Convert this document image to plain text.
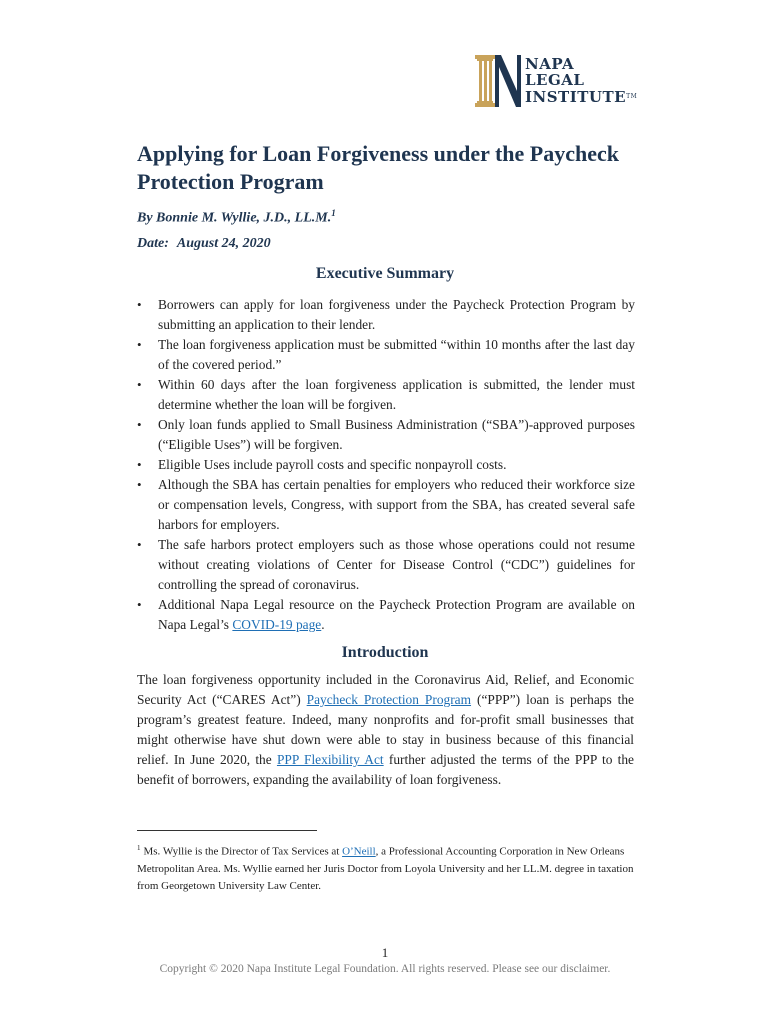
NAPA
LEGAL
INSTITUTE™
Applying for Loan Forgiveness under the Paycheck Protection Program
By Bonnie M. Wyllie, J.D., LL.M.$^1$
Date: August 24, 2020
Executive Summary
• Borrowers can apply for loan forgiveness under the Paycheck Protection Program by submitting an application to their lender.
• The loan forgiveness application must be submitted “within 10 months after the last day of the covered period.”
• Within 60 days after the loan forgiveness application is submitted, the lender must determine whether the loan will be forgiven.
• Only loan funds applied to Small Business Administration (“SBA”)-approved purposes (“Eligible Uses”) will be forgiven.
• Eligible Uses include payroll costs and specific nonpayroll costs.
• Although the SBA has certain penalties for employers who reduced their workforce size or compensation levels, Congress, with support from the SBA, has created several safe harbors for employers.
• The safe harbors protect employers such as those whose operations could not resume without creating violations of Center for Disease Control (“CDC”) guidelines for controlling the spread of coronavirus.
• Additional Napa Legal resource on the Paycheck Protection Program are available on Napa Legal’s COVID-19 page.
Introduction

The loan forgiveness opportunity included in the Coronavirus Aid, Relief, and Economic Security Act (“CARES Act”) Paycheck Protection Program (“PPP”) loan is perhaps the program’s greatest feature. Indeed, many nonprofits and for-profit small businesses that might otherwise have shut down were able to stay in business because of this financial relief. In June 2020, the PPP Flexibility Act further adjusted the terms of the PPP to the benefit of borrowers, expanding the availability of loan forgiveness.

$^1$ Ms. Wyllie is the Director of Tax Services at O’Neill, a Professional Accounting Corporation in New Orleans Metropolitan Area. Ms. Wyllie earned her Juris Doctor from Loyola University and her LL.M. degree in taxation from Georgetown University Law Center.

1
Copyright © 2020 Napa Institute Legal Foundation. All rights reserved. Please see our disclaimer.
